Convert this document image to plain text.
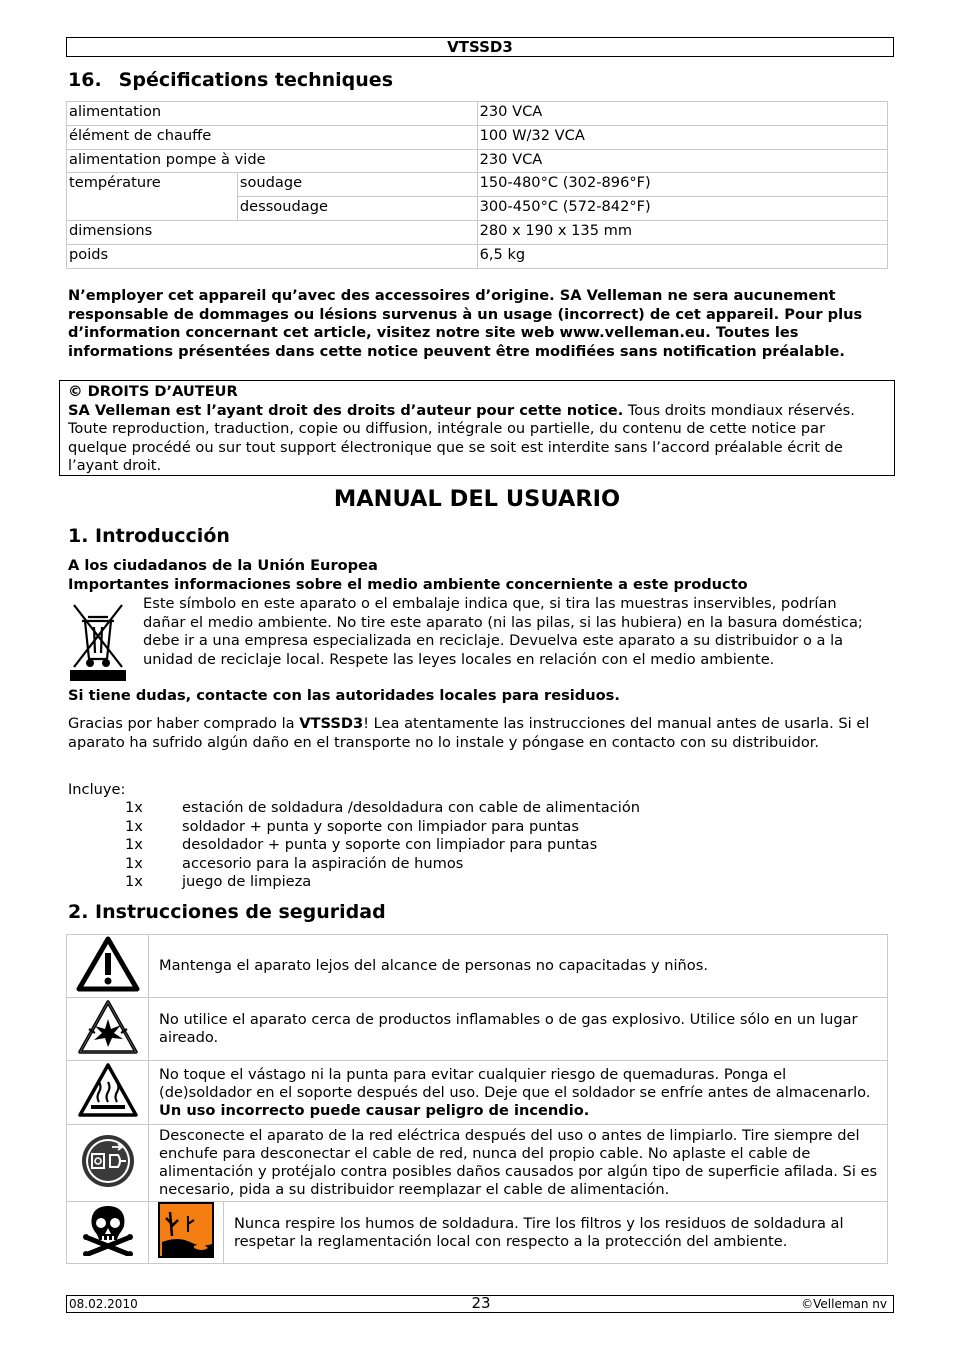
VTSSD3
16. Spécifications techniques
alimentation		230 VCA
élément de chauffe		100 W/32 VCA
alimentation pompe à vide		230 VCA
température	soudage	150-480°C (302-896°F)
	dessoudage	300-450°C (572-842°F)
dimensions		280 x 190 x 135 mm
poids		6,5 kg
N’employer cet appareil qu’avec des accessoires d’origine. SA Velleman ne sera aucunement responsable de dommages ou lésions survenus à un usage (incorrect) de cet appareil. Pour plus d’information concernant cet article, visitez notre site web www.velleman.eu. Toutes les informations présentées dans cette notice peuvent être modifiées sans notification préalable.
© DROITS D’AUTEUR
SA Velleman est l’ayant droit des droits d’auteur pour cette notice. Tous droits mondiaux réservés. Toute reproduction, traduction, copie ou diffusion, intégrale ou partielle, du contenu de cette notice par quelque procédé ou sur tout support électronique que se soit est interdite sans l’accord préalable écrit de l’ayant droit.
MANUAL DEL USUARIO
1. Introducción
A los ciudadanos de la Unión Europea
Importantes informaciones sobre el medio ambiente concerniente a este producto
Este símbolo en este aparato o el embalaje indica que, si tira las muestras inservibles, podrían dañar el medio ambiente. No tire este aparato (ni las pilas, si las hubiera) en la basura doméstica; debe ir a una empresa especializada en reciclaje. Devuelva este aparato a su distribuidor o a la unidad de reciclaje local. Respete las leyes locales en relación con el medio ambiente.
Si tiene dudas, contacte con las autoridades locales para residuos.
Gracias por haber comprado la VTSSD3! Lea atentamente las instrucciones del manual antes de usarla. Si el aparato ha sufrido algún daño en el transporte no lo instale y póngase en contacto con su distribuidor.
Incluye:
1x	estación de soldadura /desoldadura con cable de alimentación
1x	soldador + punta y soporte con limpiador para puntas
1x	desoldador + punta y soporte con limpiador para puntas
1x	accesorio para la aspiración de humos
1x	juego de limpieza
2. Instrucciones de seguridad
	Mantenga el aparato lejos del alcance de personas no capacitadas y niños.	
	No utilice el aparato cerca de productos inflamables o de gas explosivo. Utilice sólo en un lugar aireado.	
	No toque el vástago ni la punta para evitar cualquier riesgo de quemaduras. Ponga el (de)soldador en el soporte después del uso. Deje que el soldador se enfríe antes de almacenarlo. Un uso incorrecto puede causar peligro de incendio.	
	Desconecte el aparato de la red eléctrica después del uso o antes de limpiarlo. Tire siempre del enchufe para desconectar el cable de red, nunca del propio cable. No aplaste el cable de alimentación y protéjalo contra posibles daños causados por algún tipo de superficie afilada. Si es necesario, pida a su distribuidor reemplazar el cable de alimentación.	
		Nunca respire los humos de soldadura. Tire los filtros y los residuos de soldadura al respetar la reglamentación local con respecto a la protección del ambiente.
08.02.2010	23	©Velleman nv
